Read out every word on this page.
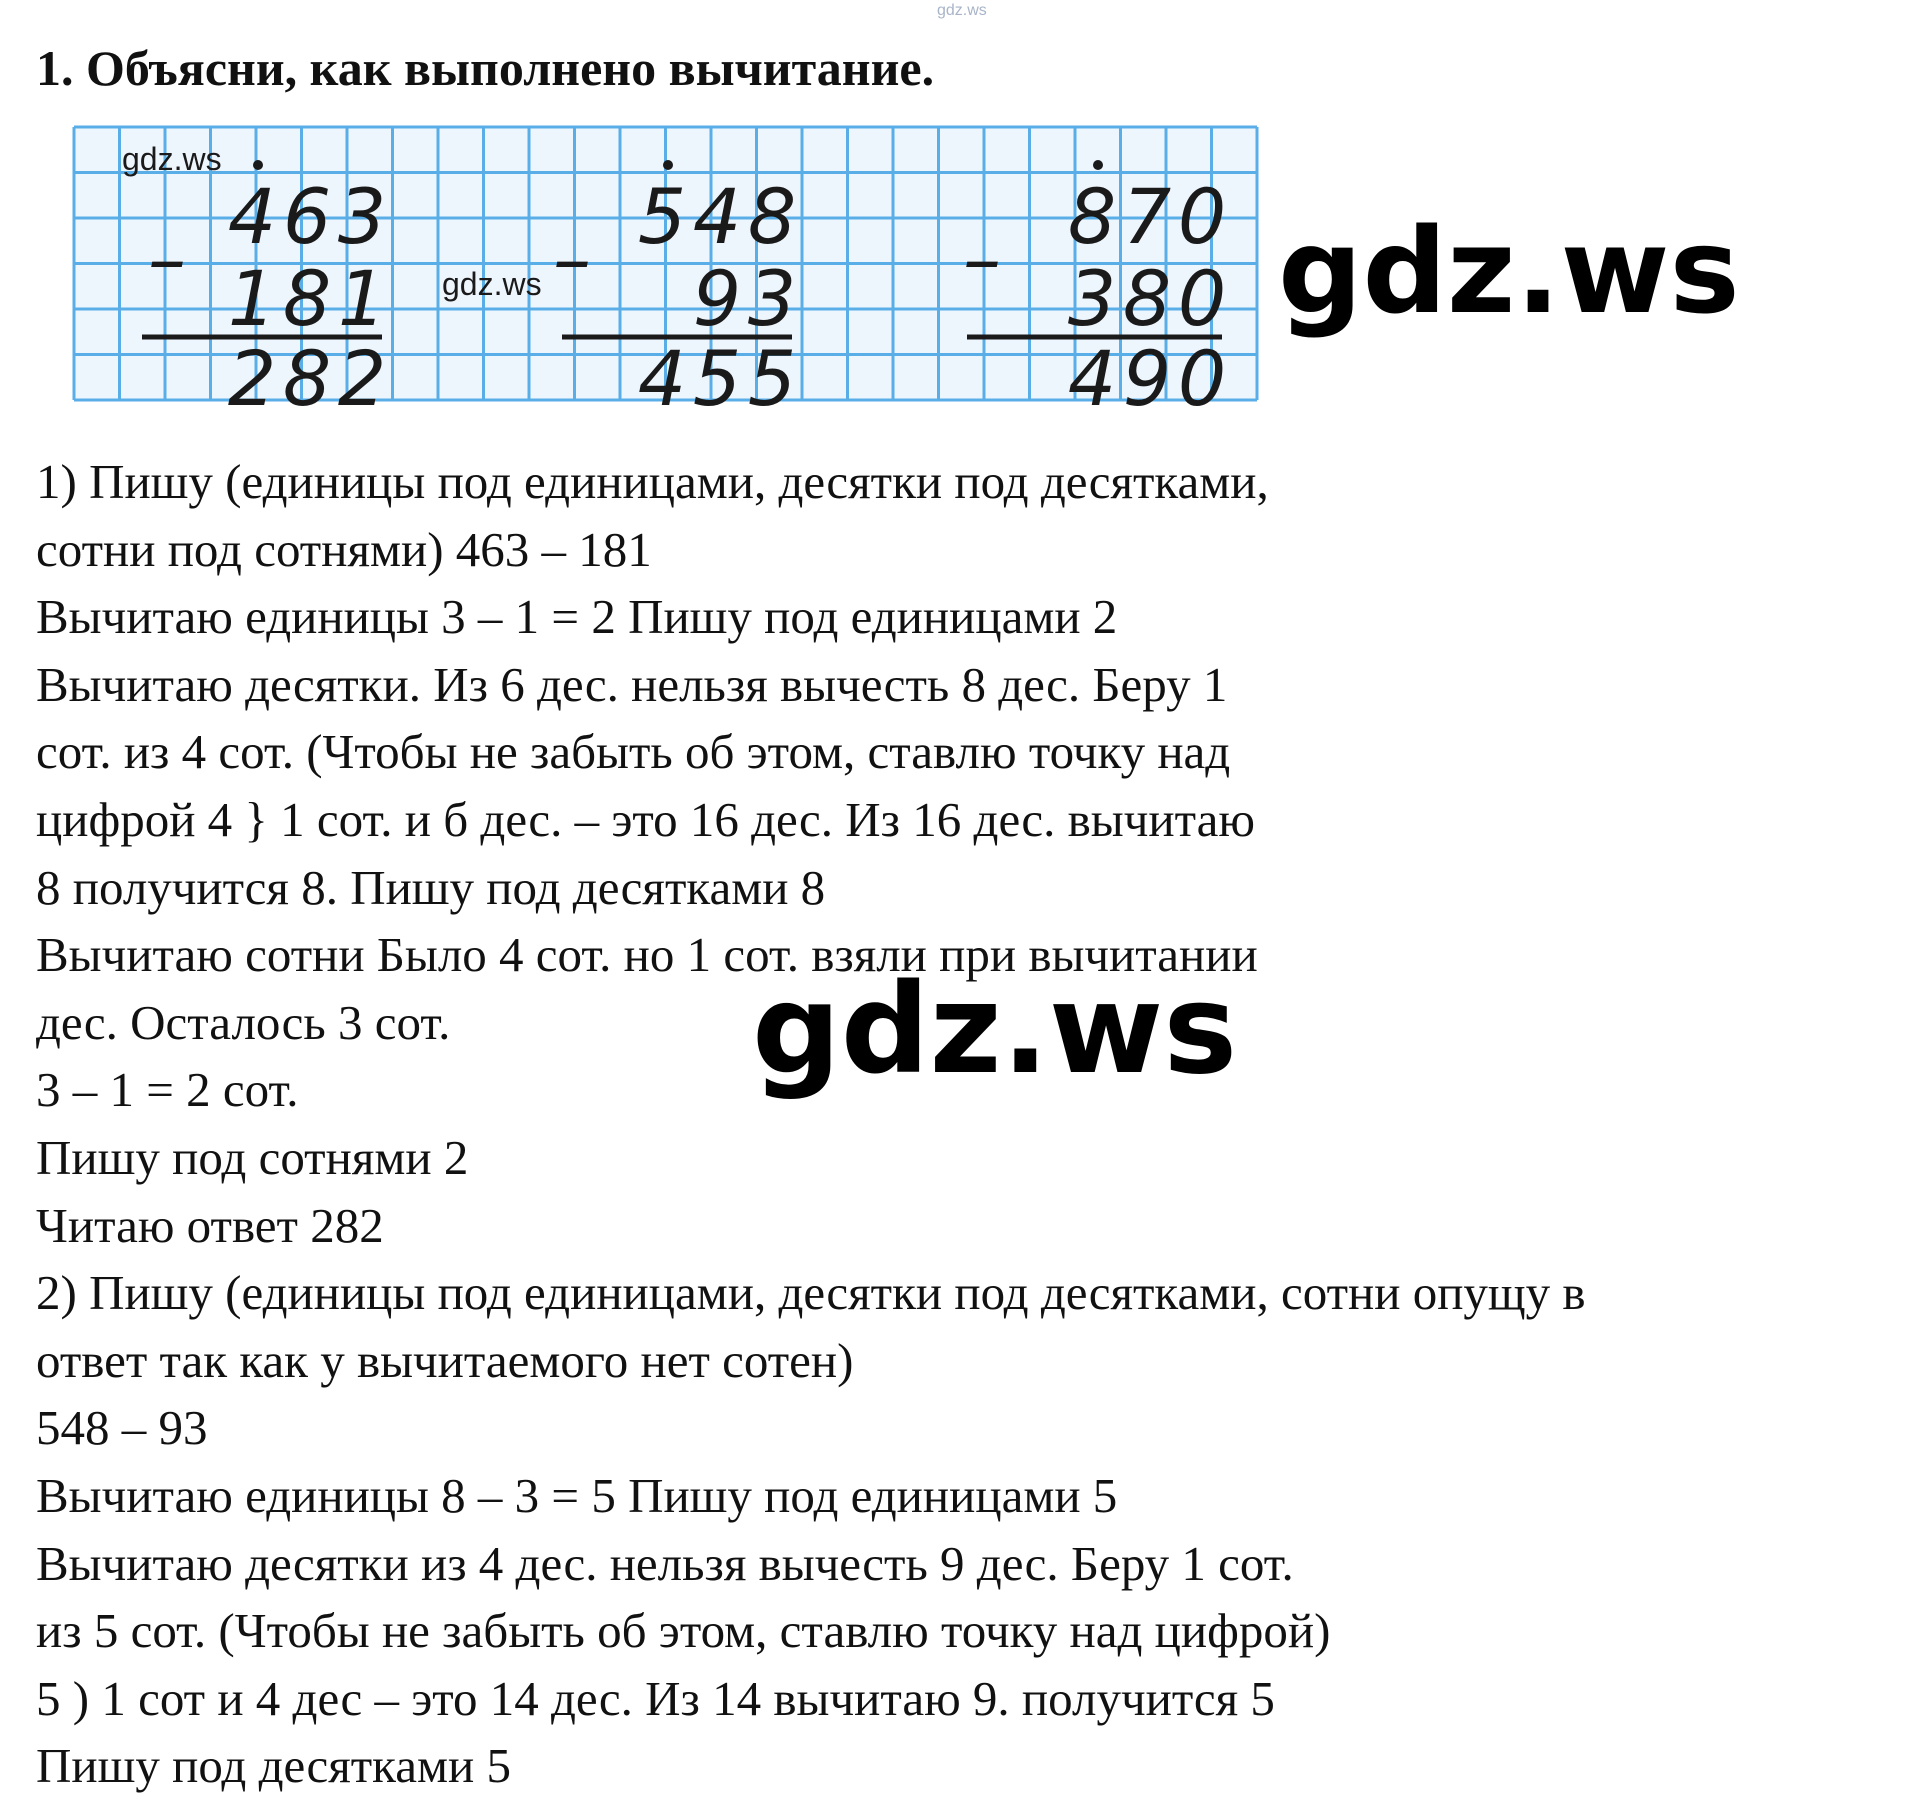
gdz.ws
1. Объясни, как выполнено вычитание.
gdz.ws
gdz.ws
4 6 3
1 8 1
2 8 2
–	5 4 8
9 3
4 5 5
–	8 7 0
3 8 0
4 9 0
– gdz.ws
gdz.ws

1) Пишу (единицы под единицами, десятки под десятками,

сотни под сотнями) 463 – 181

Вычитаю единицы 3 – 1 = 2 Пишу под единицами 2

Вычитаю десятки. Из 6 дес. нельзя вычесть 8 дес. Беру 1

сот. из 4 сот. (Чтобы не забыть об этом, ставлю точку над

цифрой 4 } 1 сот. и б дес. – это 16 дес. Из 16 дес. вычитаю

8 получится 8. Пишу под десятками 8

Вычитаю сотни Было 4 сот. но 1 сот. взяли при вычитании

дес. Осталось 3 сот.

3 – 1 = 2 сот.

Пишу под сотнями 2

Читаю ответ 282

2) Пишу (единицы под единицами, десятки под десятками, сотни опущу в

ответ так как у вычитаемого нет сотен)

548 – 93

Вычитаю единицы 8 – 3 = 5 Пишу под единицами 5

Вычитаю десятки из 4 дес. нельзя вычесть 9 дес. Беру 1 сот.

из 5 сот. (Чтобы не забыть об этом, ставлю точку над цифрой)

5 ) 1 сот и 4 дес – это 14 дес. Из 14 вычитаю 9. получится 5

Пишу под десятками 5
